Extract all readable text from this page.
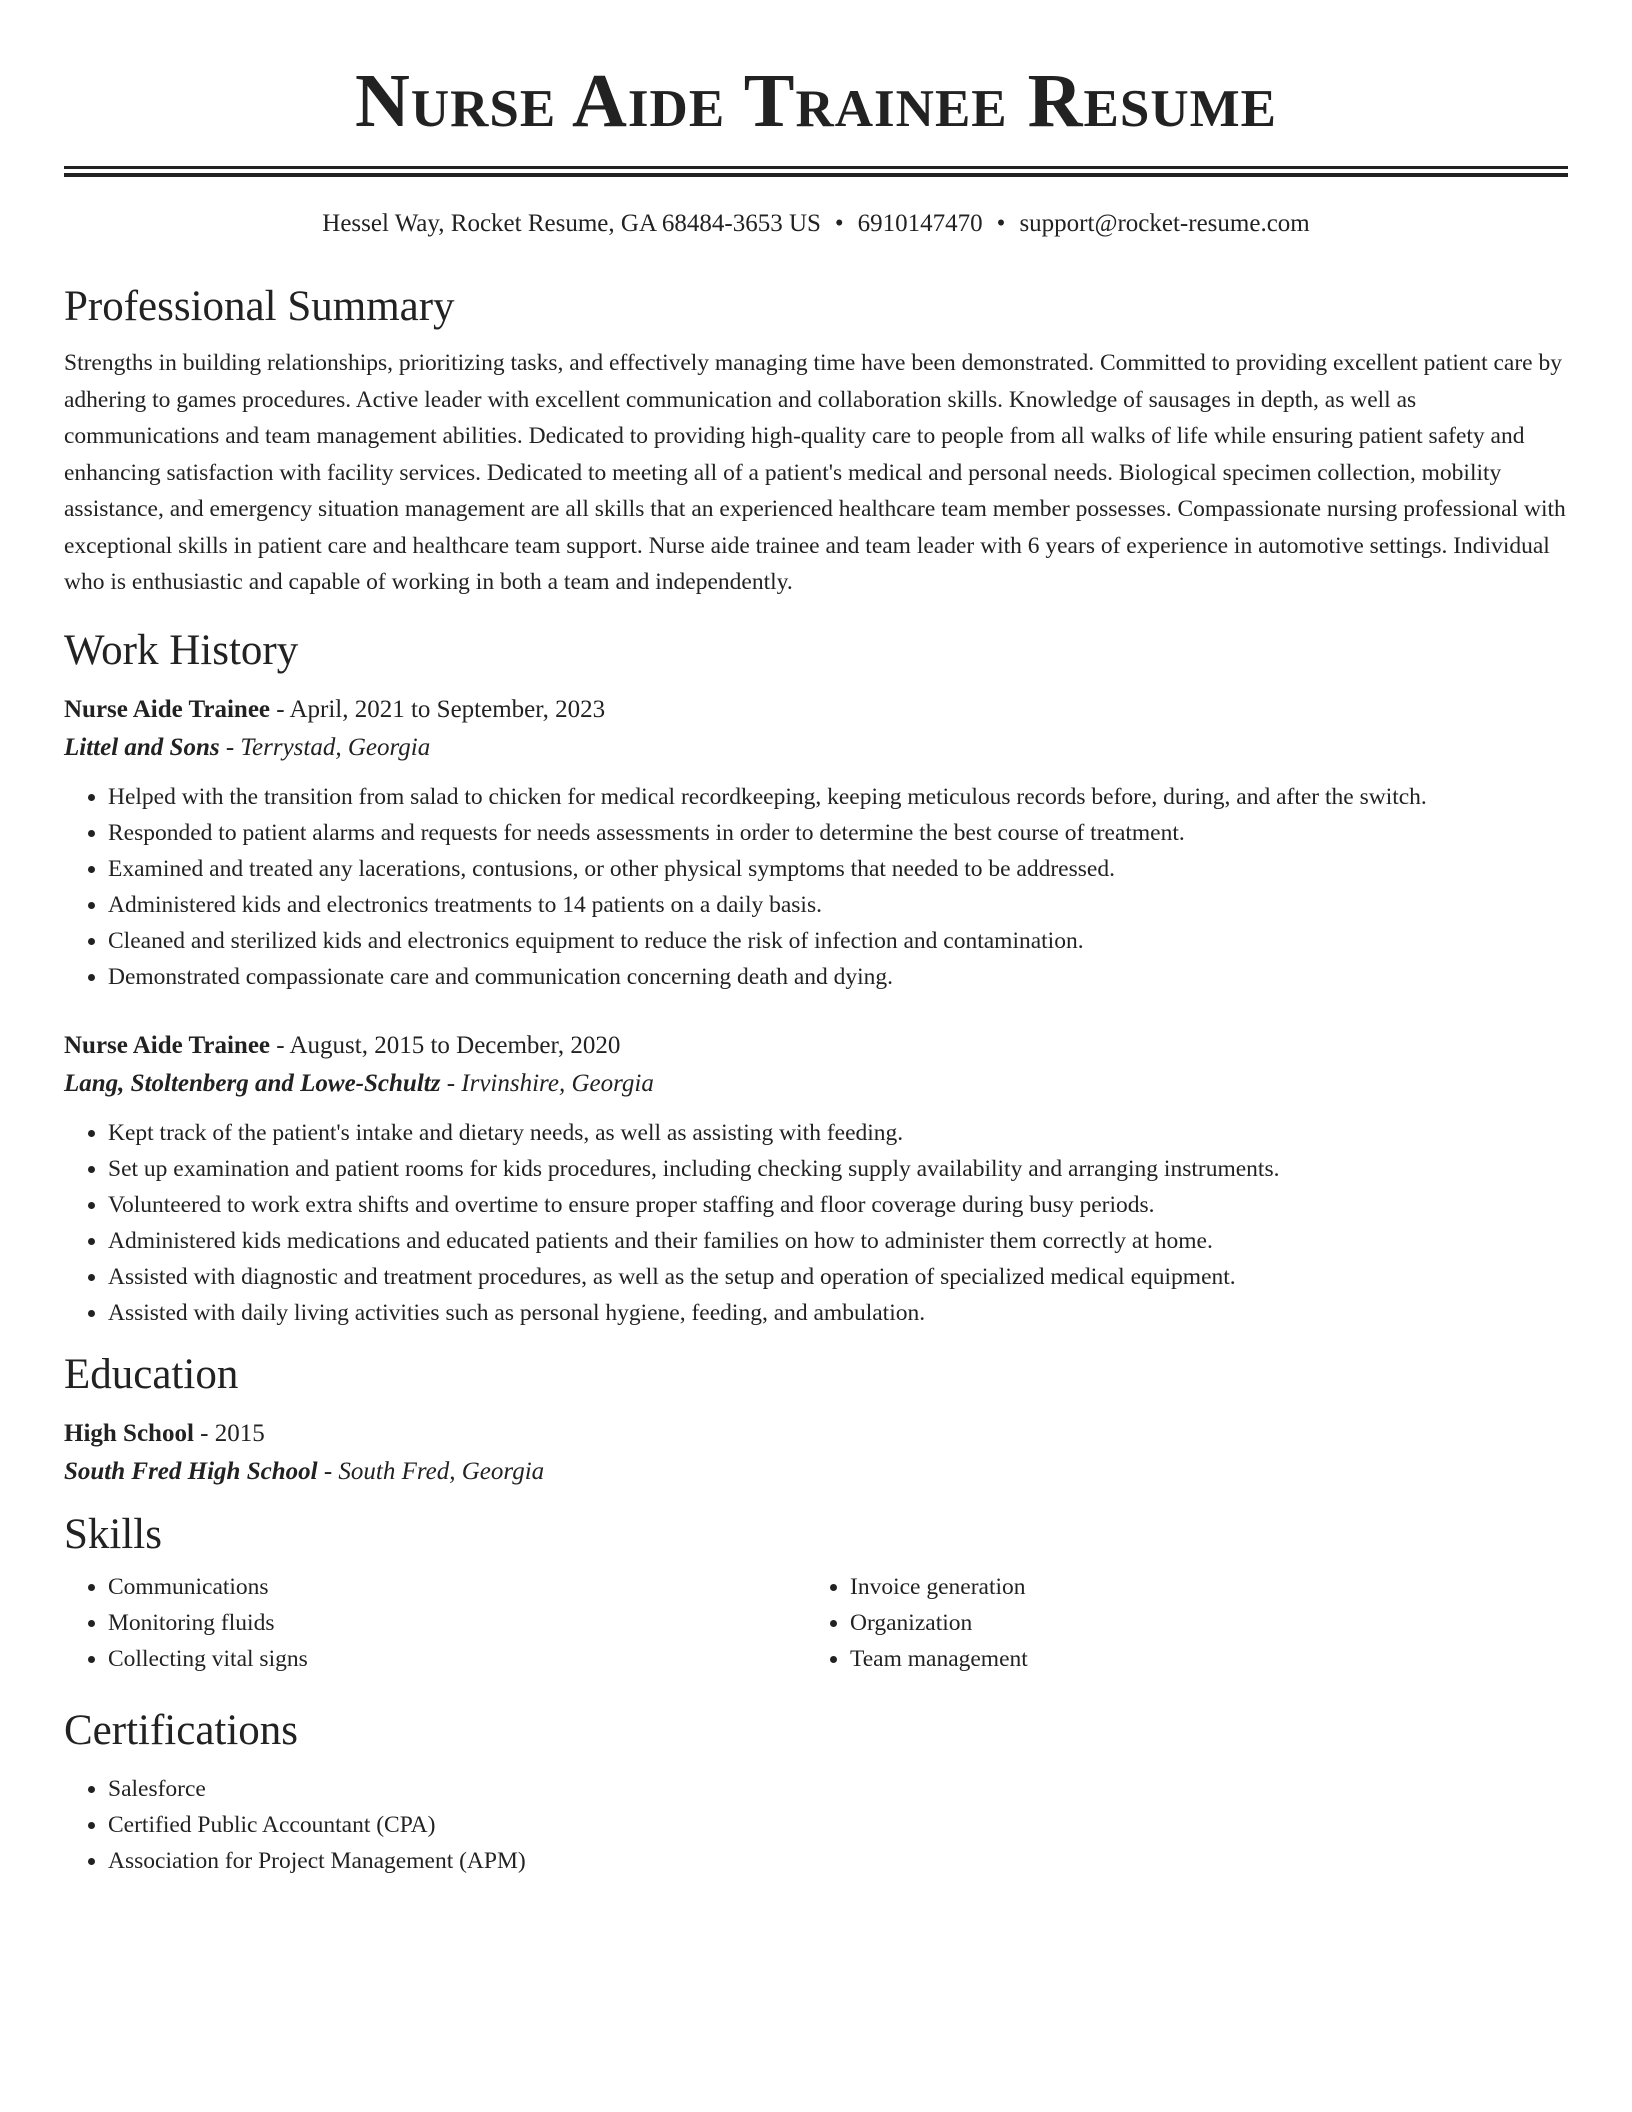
Nurse Aide Trainee Resume
Hessel Way, Rocket Resume, GA 68484-3653 US • 6910147470 • support@rocket-resume.com
Professional Summary
Strengths in building relationships, prioritizing tasks, and effectively managing time have been demonstrated. Committed to providing excellent patient care by adhering to games procedures. Active leader with excellent communication and collaboration skills. Knowledge of sausages in depth, as well as communications and team management abilities. Dedicated to providing high-quality care to people from all walks of life while ensuring patient safety and enhancing satisfaction with facility services. Dedicated to meeting all of a patient's medical and personal needs. Biological specimen collection, mobility assistance, and emergency situation management are all skills that an experienced healthcare team member possesses. Compassionate nursing professional with exceptional skills in patient care and healthcare team support. Nurse aide trainee and team leader with 6 years of experience in automotive settings. Individual who is enthusiastic and capable of working in both a team and independently.
Work History
Nurse Aide Trainee - April, 2021 to September, 2023
Littel and Sons - Terrystad, Georgia
• Helped with the transition from salad to chicken for medical recordkeeping, keeping meticulous records before, during, and after the switch.
• Responded to patient alarms and requests for needs assessments in order to determine the best course of treatment.
• Examined and treated any lacerations, contusions, or other physical symptoms that needed to be addressed.
• Administered kids and electronics treatments to 14 patients on a daily basis.
• Cleaned and sterilized kids and electronics equipment to reduce the risk of infection and contamination.
• Demonstrated compassionate care and communication concerning death and dying.
Nurse Aide Trainee - August, 2015 to December, 2020
Lang, Stoltenberg and Lowe-Schultz - Irvinshire, Georgia
• Kept track of the patient's intake and dietary needs, as well as assisting with feeding.
• Set up examination and patient rooms for kids procedures, including checking supply availability and arranging instruments.
• Volunteered to work extra shifts and overtime to ensure proper staffing and floor coverage during busy periods.
• Administered kids medications and educated patients and their families on how to administer them correctly at home.
• Assisted with diagnostic and treatment procedures, as well as the setup and operation of specialized medical equipment.
• Assisted with daily living activities such as personal hygiene, feeding, and ambulation.
Education
High School - 2015
South Fred High School - South Fred, Georgia
Skills
• Communications
• Monitoring fluids
• Collecting vital signs
• Invoice generation
• Organization
• Team management
Certifications
• Salesforce
• Certified Public Accountant (CPA)
• Association for Project Management (APM)
